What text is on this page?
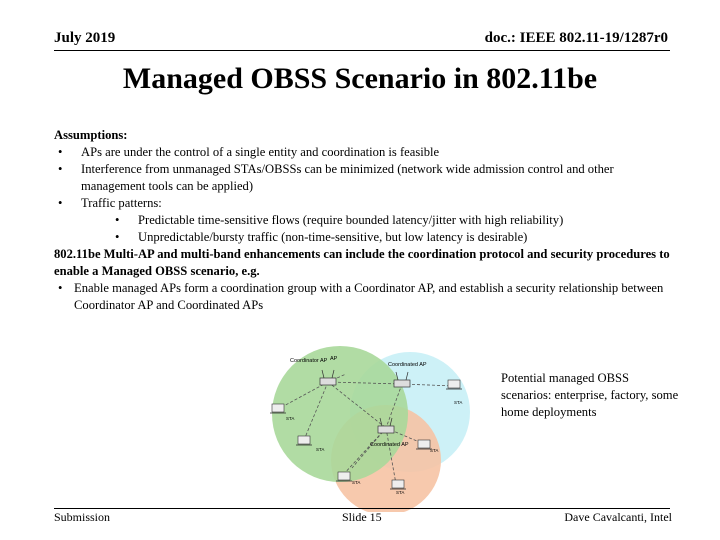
July 2019	doc.: IEEE 802.11-19/1287r0
Managed OBSS Scenario in 802.11be
Assumptions:
• APs are under the control of a single entity and coordination is feasible
• Interference from unmanaged STAs/OBSSs can be minimized (network wide admission control and other management tools can be applied)
• Traffic patterns:
• Predictable time-sensitive flows (require bounded latency/jitter with high reliability)
• Unpredictable/bursty traffic (non-time-sensitive, but low latency is desirable)
802.11be Multi-AP and multi-band enhancements can include the coordination protocol and security procedures to enable a Managed OBSS scenario, e.g.
• Enable managed APs form a coordination group with a Coordinator AP, and establish a security relationship between Coordinator AP and Coordinated APs
Coordinator AP AP
Coordinated AP
Coordinated AP
STA
STA
STA
STA
STA
STA
Potential managed OBSS scenarios: enterprise, factory, some home deployments
Submission	Slide 15	Dave Cavalcanti, Intel
